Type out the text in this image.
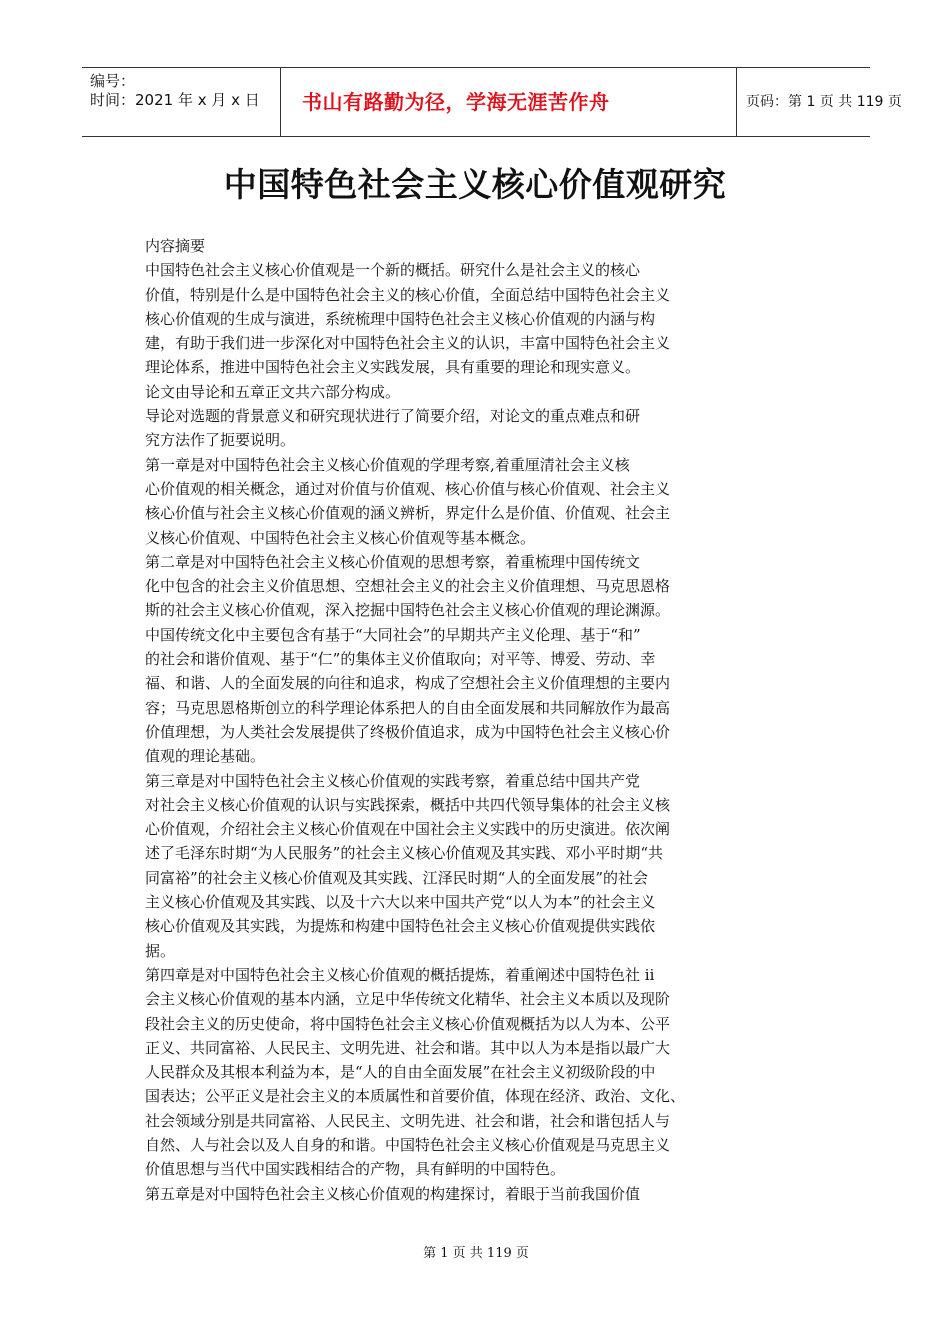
编号：
时间：2021 年 x 月 x 日	书山有路勤为径，学海无涯苦作舟	页码：第 1 页 共 119 页
中国特色社会主义核心价值观研究
内容摘要
中国特色社会主义核心价值观是一个新的概括。研究什么是社会主义的核心
价值，特别是什么是中国特色社会主义的核心价值，全面总结中国特色社会主义
核心价值观的生成与演进，系统梳理中国特色社会主义核心价值观的内涵与构
建，有助于我们进一步深化对中国特色社会主义的认识，丰富中国特色社会主义
理论体系，推进中国特色社会主义实践发展，具有重要的理论和现实意义。
论文由导论和五章正文共六部分构成。
导论对选题的背景意义和研究现状进行了简要介绍，对论文的重点难点和研
究方法作了扼要说明。
第一章是对中国特色社会主义核心价值观的学理考察,着重厘清社会主义核
心价值观的相关概念，通过对价值与价值观、核心价值与核心价值观、社会主义
核心价值与社会主义核心价值观的涵义辨析，界定什么是价值、价值观、社会主
义核心价值观、中国特色社会主义核心价值观等基本概念。
第二章是对中国特色社会主义核心价值观的思想考察，着重梳理中国传统文
化中包含的社会主义价值思想、空想社会主义的社会主义价值理想、马克思恩格
斯的社会主义核心价值观，深入挖掘中国特色社会主义核心价值观的理论渊源。
中国传统文化中主要包含有基于“大同社会”的早期共产主义伦理、基于“和”
的社会和谐价值观、基于“仁”的集体主义价值取向；对平等、博爱、劳动、幸
福、和谐、人的全面发展的向往和追求，构成了空想社会主义价值理想的主要内
容；马克思恩格斯创立的科学理论体系把人的自由全面发展和共同解放作为最高
价值理想，为人类社会发展提供了终极价值追求，成为中国特色社会主义核心价
值观的理论基础。
第三章是对中国特色社会主义核心价值观的实践考察，着重总结中国共产党
对社会主义核心价值观的认识与实践探索，概括中共四代领导集体的社会主义核
心价值观，介绍社会主义核心价值观在中国社会主义实践中的历史演进。依次阐
述了毛泽东时期“为人民服务”的社会主义核心价值观及其实践、邓小平时期“共
同富裕”的社会主义核心价值观及其实践、江泽民时期“人的全面发展”的社会
主义核心价值观及其实践、以及十六大以来中国共产党“以人为本”的社会主义
核心价值观及其实践，为提炼和构建中国特色社会主义核心价值观提供实践依
据。
第四章是对中国特色社会主义核心价值观的概括提炼，着重阐述中国特色社 ii
会主义核心价值观的基本内涵，立足中华传统文化精华、社会主义本质以及现阶
段社会主义的历史使命，将中国特色社会主义核心价值观概括为以人为本、公平
正义、共同富裕、人民民主、文明先进、社会和谐。其中以人为本是指以最广大
人民群众及其根本利益为本，是“人的自由全面发展”在社会主义初级阶段的中
国表达；公平正义是社会主义的本质属性和首要价值，体现在经济、政治、文化、
社会领域分别是共同富裕、人民民主、文明先进、社会和谐，社会和谐包括人与
自然、人与社会以及人自身的和谐。中国特色社会主义核心价值观是马克思主义
价值思想与当代中国实践相结合的产物，具有鲜明的中国特色。
第五章是对中国特色社会主义核心价值观的构建探讨，着眼于当前我国价值
第 1 页 共 119 页
